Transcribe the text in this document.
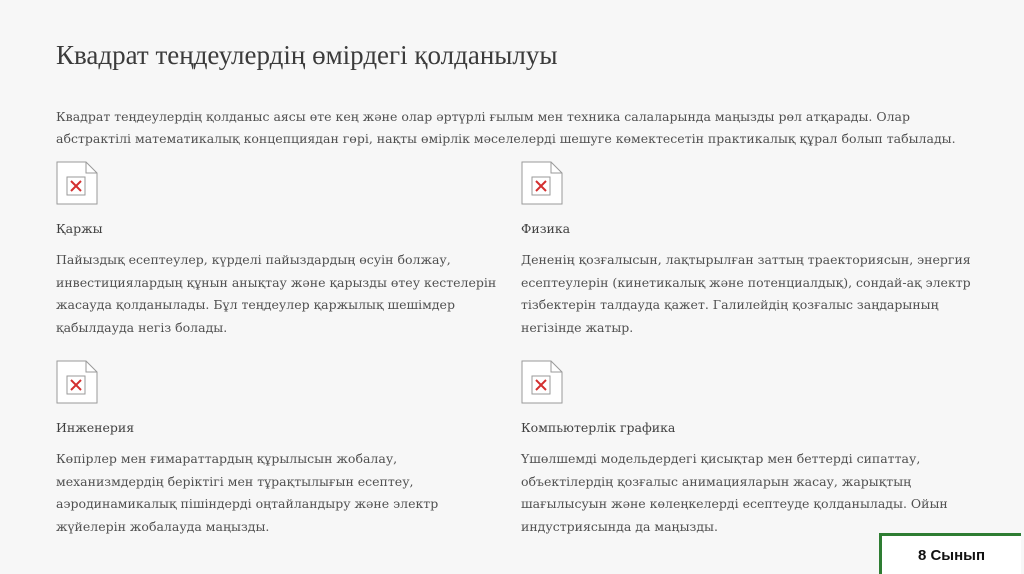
Квадрат теңдеулердің өмірдегі қолданылуы

Квадрат теңдеулердің қолданыс аясы өте кең және олар әртүрлі ғылым мен техника салаларында маңызды рөл атқарады. Олар абстрактілі математикалық концепциядан гөрі, нақты өмірлік мәселелерді шешуге көмектесетін практикалық құрал болып табылады.

Қаржы

Пайыздық есептеулер, күрделі пайыздардың өсуін болжау, инвестициялардың құнын анықтау және қарызды өтеу кестелерін жасауда қолданылады. Бұл теңдеулер қаржылық шешімдер қабылдауда негіз болады.

Физика

Дененің қозғалысын, лақтырылған заттың траекториясын, энергия есептеулерін (кинетикалық және потенциалдық), сондай-ақ электр тізбектерін талдауда қажет. Галилейдің қозғалыс заңдарының негізінде жатыр.

Инженерия

Көпірлер мен ғимараттардың құрылысын жобалау, механизмдердің беріктігі мен тұрақтылығын есептеу, аэродинамикалық пішіндерді оңтайландыру және электр жүйелерін жобалауда маңызды.

Компьютерлік графика

Үшөлшемді модельдердегі қисықтар мен беттерді сипаттау, объектілердің қозғалыс анимацияларын жасау, жарықтың шағылысуын және көлеңкелерді есептеуде қолданылады. Ойын индустриясында да маңызды.

8 Сынып
